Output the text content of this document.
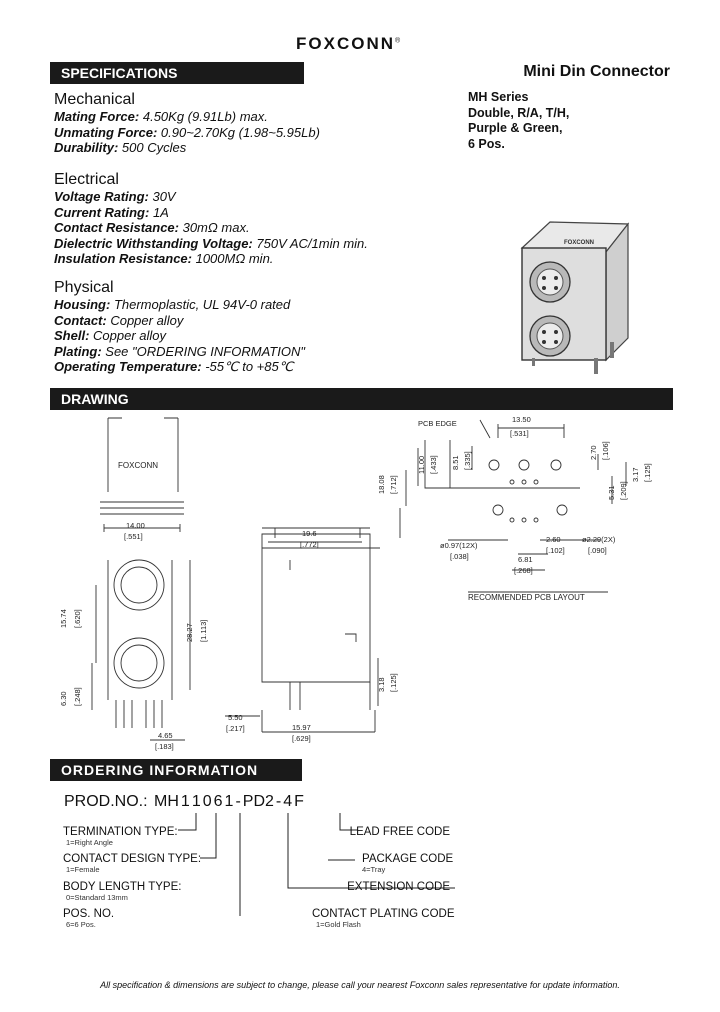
FOXCONN®
SPECIFICATIONS	Mini Din Connector
MH Series
Double, R/A, T/H,
Purple & Green,
6 Pos.
Mechanical
Mating Force: 4.50Kg (9.91Lb) max.
Unmating Force: 0.90~2.70Kg (1.98~5.95Lb)
Durability: 500 Cycles
Electrical
Voltage Rating: 30V
Current Rating: 1A
Contact Resistance: 30mΩ max.
Dielectric Withstanding Voltage: 750V AC/1min min.
Insulation Resistance: 1000MΩ min.
Physical
Housing: Thermoplastic, UL 94V-0 rated
Contact: Copper alloy
Shell: Copper alloy
Plating: See "ORDERING INFORMATION"
Operating Temperature: -55℃ to +85℃
FOXCONN
DRAWING
FOXCONN
14.00
[.551]
15.74 [.620]
28.27 [1.113]
6.30 [.248]
4.65
[.183]
19.6
[.772]
5.50
[.217]	15.97
[.629]
3.18 [.125]
PCB EDGE	13.50
[.531]
18.08 [.712]
11.00 [.433] 8.51 [.335]	2.70 [.106]
5.31 [.209]
3.17 [.125]
ø0.97(12X)
[.038]
ø2.29(2X)
[.090]
2.60
[.102]
6.81
[.268]
RECOMMENDED PCB LAYOUT
ORDERING INFORMATION
PROD.NO.: MH 1 1 0 6 1 - PD2 - 4 F
TERMINATION TYPE:
1=Right Angle
CONTACT DESIGN TYPE:
1=Female
BODY LENGTH TYPE:
0=Standard 13mm
POS. NO.
6=6 Pos.
LEAD FREE CODE
PACKAGE CODE
4=Tray
EXTENSION CODE
CONTACT PLATING CODE
1=Gold Flash
All specification & dimensions are subject to change, please call your nearest Foxconn sales representative for update information.
